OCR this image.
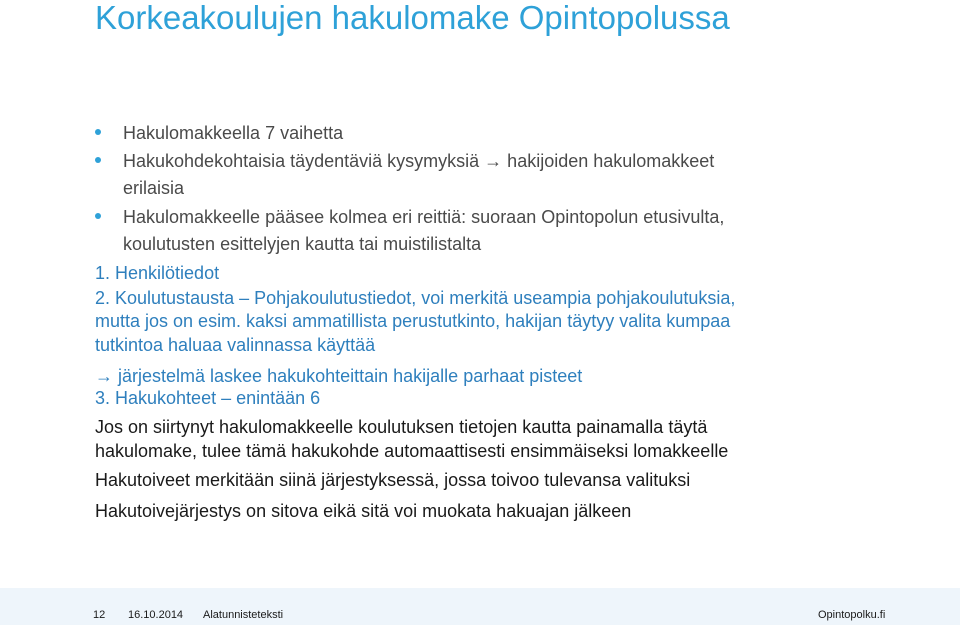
Korkeakoulujen hakulomake Opintopolussa
Hakulomakkeella 7 vaihetta
Hakukohdekohtaisia täydentäviä kysymyksiä → hakijoiden hakulomakkeet
erilaisia
Hakulomakkeelle pääsee kolmea eri reittiä: suoraan Opintopolun etusivulta,
koulutusten esittelyjen kautta tai muistilistalta
1. Henkilötiedot
2. Koulutustausta – Pohjakoulutustiedot, voi merkitä useampia pohjakoulutuksia,
mutta jos on esim. kaksi ammatillista perustutkinto, hakijan täytyy valita kumpaa
tutkintoa haluaa valinnassa käyttää
→ järjestelmä laskee hakukohteittain hakijalle parhaat pisteet
3. Hakukohteet – enintään 6
Jos on siirtynyt hakulomakkeelle koulutuksen tietojen kautta painamalla täytä
hakulomake, tulee tämä hakukohde automaattisesti ensimmäiseksi lomakkeelle
Hakutoiveet merkitään siinä järjestyksessä, jossa toivoo tulevansa valituksi
Hakutoivejärjestys on sitova eikä sitä voi muokata hakuajan jälkeen
12 16.10.2014 Alatunnisteteksti	Opintopolku.fi
